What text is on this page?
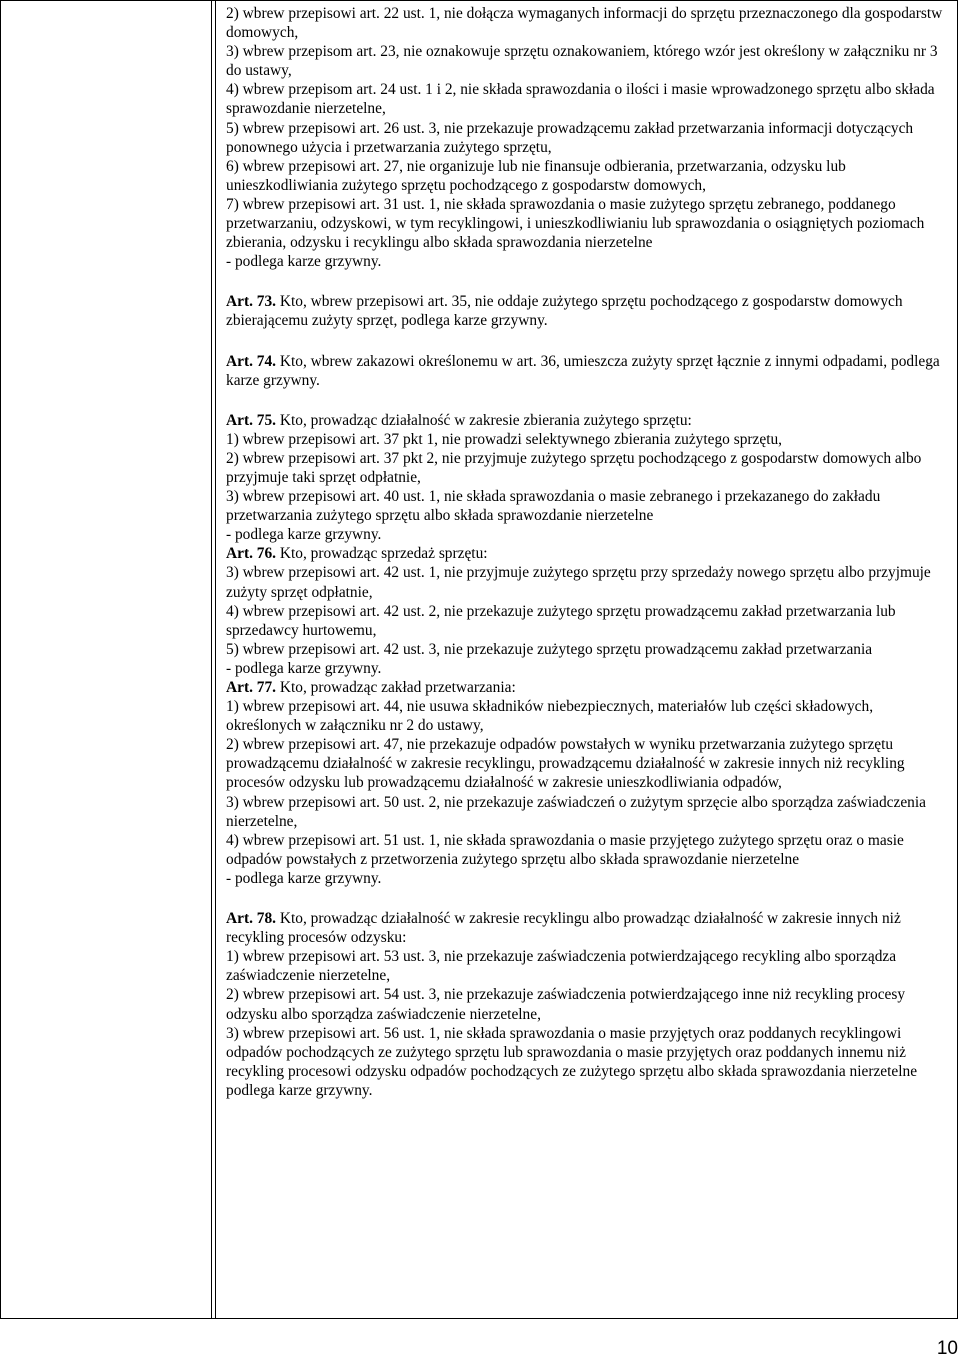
2) wbrew przepisowi art. 22 ust. 1, nie dołącza wymaganych informacji do sprzętu przeznaczonego dla gospodarstw domowych,

3) wbrew przepisom art. 23, nie oznakowuje sprzętu oznakowaniem, którego wzór jest określony w załączniku nr 3 do ustawy,

4) wbrew przepisom art. 24 ust. 1 i 2, nie składa sprawozdania o ilości i masie wprowadzonego sprzętu albo składa sprawozdanie nierzetelne,

5) wbrew przepisowi art. 26 ust. 3, nie przekazuje prowadzącemu zakład przetwarzania informacji dotyczących ponownego użycia i przetwarzania zużytego sprzętu,

6) wbrew przepisowi art. 27, nie organizuje lub nie finansuje odbierania, przetwarzania, odzysku lub unieszkodliwiania zużytego sprzętu pochodzącego z gospodarstw domowych,

7) wbrew przepisowi art. 31 ust. 1, nie składa sprawozdania o masie zużytego sprzętu zebranego, poddanego przetwarzaniu, odzyskowi, w tym recyklingowi, i unieszkodliwianiu lub sprawozdania o osiągniętych poziomach zbierania, odzysku i recyklingu albo składa sprawozdania nierzetelne

- podlega karze grzywny.

Art. 73. Kto, wbrew przepisowi art. 35, nie oddaje zużytego sprzętu pochodzącego z gospodarstw domowych zbierającemu zużyty sprzęt, podlega karze grzywny.

Art. 74. Kto, wbrew zakazowi określonemu w art. 36, umieszcza zużyty sprzęt łącznie z innymi odpadami, podlega karze grzywny.

Art. 75. Kto, prowadząc działalność w zakresie zbierania zużytego sprzętu:

1) wbrew przepisowi art. 37 pkt 1, nie prowadzi selektywnego zbierania zużytego sprzętu,

2) wbrew przepisowi art. 37 pkt 2, nie przyjmuje zużytego sprzętu pochodzącego z gospodarstw domowych albo przyjmuje taki sprzęt odpłatnie,

3) wbrew przepisowi art. 40 ust. 1, nie składa sprawozdania o masie zebranego i przekazanego do zakładu przetwarzania zużytego sprzętu albo składa sprawozdanie nierzetelne

- podlega karze grzywny.

Art. 76. Kto, prowadząc sprzedaż sprzętu:

3) wbrew przepisowi art. 42 ust. 1, nie przyjmuje zużytego sprzętu przy sprzedaży nowego sprzętu albo przyjmuje zużyty sprzęt odpłatnie,

4) wbrew przepisowi art. 42 ust. 2, nie przekazuje zużytego sprzętu prowadzącemu zakład przetwarzania lub sprzedawcy hurtowemu,

5) wbrew przepisowi art. 42 ust. 3, nie przekazuje zużytego sprzętu prowadzącemu zakład przetwarzania

- podlega karze grzywny.

Art. 77. Kto, prowadząc zakład przetwarzania:

1) wbrew przepisowi art. 44, nie usuwa składników niebezpiecznych, materiałów lub części składowych, określonych w załączniku nr 2 do ustawy,

2) wbrew przepisowi art. 47, nie przekazuje odpadów powstałych w wyniku przetwarzania zużytego sprzętu prowadzącemu działalność w zakresie recyklingu, prowadzącemu działalność w zakresie innych niż recykling procesów odzysku lub prowadzącemu działalność w zakresie unieszkodliwiania odpadów,

3) wbrew przepisowi art. 50 ust. 2, nie przekazuje zaświadczeń o zużytym sprzęcie albo sporządza zaświadczenia nierzetelne,

4) wbrew przepisowi art. 51 ust. 1, nie składa sprawozdania o masie przyjętego zużytego sprzętu oraz o masie odpadów powstałych z przetworzenia zużytego sprzętu albo składa sprawozdanie nierzetelne

- podlega karze grzywny.

Art. 78. Kto, prowadząc działalność w zakresie recyklingu albo prowadząc działalność w zakresie innych niż recykling procesów odzysku:

1) wbrew przepisowi art. 53 ust. 3, nie przekazuje zaświadczenia potwierdzającego recykling albo sporządza zaświadczenie nierzetelne,

2) wbrew przepisowi art. 54 ust. 3, nie przekazuje zaświadczenia potwierdzającego inne niż recykling procesy odzysku albo sporządza zaświadczenie nierzetelne,

3) wbrew przepisowi art. 56 ust. 1, nie składa sprawozdania o masie przyjętych oraz poddanych recyklingowi odpadów pochodzących ze zużytego sprzętu lub sprawozdania o masie przyjętych oraz poddanych innemu niż recykling procesowi odzysku odpadów pochodzących ze zużytego sprzętu albo składa sprawozdania nierzetelne

podlega karze grzywny.

10
